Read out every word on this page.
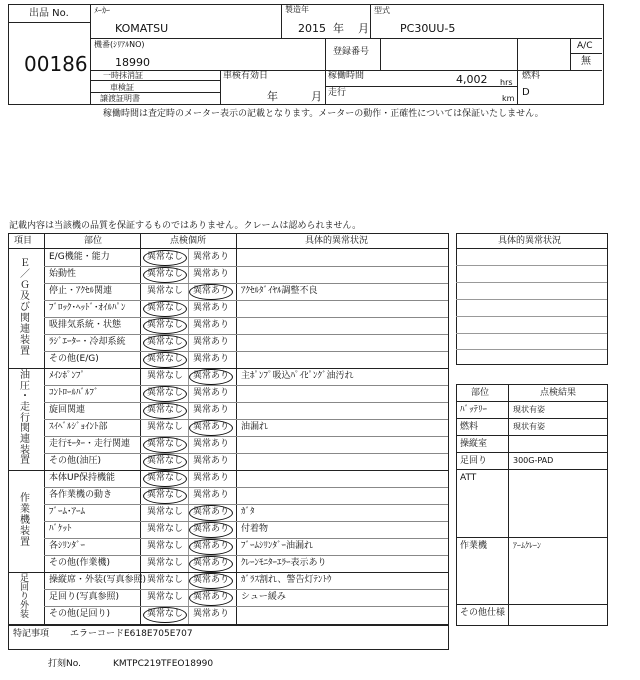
出品 No.
00186
ﾒｰｶｰ
KOMATSU
製造年
2015 年 月
型式
PC30UU-5
機番(ｼﾘｱﾙNO)
18990
登録番号
A/C
無
一時抹消証
車検証
譲渡証明書
車検有効日
年	月
稼働時間	4,002 hrs
走行
km
燃料
D
稼働時間は査定時のメーター表示の記載となります。メーターの動作・正確性については保証いたしません。
記載内容は当該機の品質を保証するものではありません。クレームは認められません。
項目	部位	点検個所	具体的異常状況
Ｅ
／
Ｇ
及
び
関
連
装
置
油
圧
・
走
行
関
連
装
置
作
業
機
装
置
足
回
り
外
装
E/G機能・能力	異常なし 異常あり
始動性	異常なし 異常あり
停止・ｱｸｾﾙ関連	異常なし 異常あり ｱｸｾﾙﾀﾞｲﾔﾙ調整不良
ﾌﾞﾛｯｸ･ﾍｯﾄﾞ･ｵｲﾙﾊﾟﾝ 異常なし 異常あり
吸排気系統・状態	異常なし 異常あり
ﾗｼﾞｴｰﾀｰ・冷却系統 異常なし 異常あり
その他(E/G)	異常なし 異常あり
ﾒｲﾝﾎﾟﾝﾌﾟ	異常なし 異常あり 主ﾎﾟﾝﾌﾟ吸込ﾊﾟｲﾋﾟﾝｸﾞ油汚れ
ｺﾝﾄﾛｰﾙﾊﾞﾙﾌﾞ	異常なし 異常あり
旋回関連	異常なし 異常あり
ｽｲﾍﾞﾙｼﾞｮｲﾝﾄ部	異常なし 異常あり 油漏れ
走行ﾓｰﾀｰ・走行関連 異常なし 異常あり
その他(油圧)	異常なし 異常あり
本体UP保持機能	異常なし 異常あり
各作業機の動き	異常なし 異常あり
ﾌﾞｰﾑ･ｱｰﾑ	異常なし 異常あり ｶﾞﾀ
ﾊﾞｹｯﾄ	異常なし 異常あり 付着物
各ｼﾘﾝﾀﾞｰ	異常なし 異常あり ﾌﾞｰﾑｼﾘﾝﾀﾞｰ油漏れ
その他(作業機)	異常なし 異常あり ｸﾚｰﾝﾓﾆﾀｰｴﾗｰ表示あり
操縦席・外装(写真参照) 異常なし 異常あり ｶﾞﾗｽ割れ、警告灯ﾃﾝﾄｳ
足回り(写真参照)	異常なし 異常あり シュー緩み
その他(足回り)	異常なし 異常あり
具体的異常状況
部位	点検結果
ﾊﾞｯﾃﾘｰ	現状有姿
燃料	現状有姿
操縦室
足回り	300G-PAD
ATT
作業機	ｱｰﾑｸﾚｰﾝ
その他仕様
特記事項 エラーコードE618E705E707
打刻No.	KMTPC219TFEO18990
